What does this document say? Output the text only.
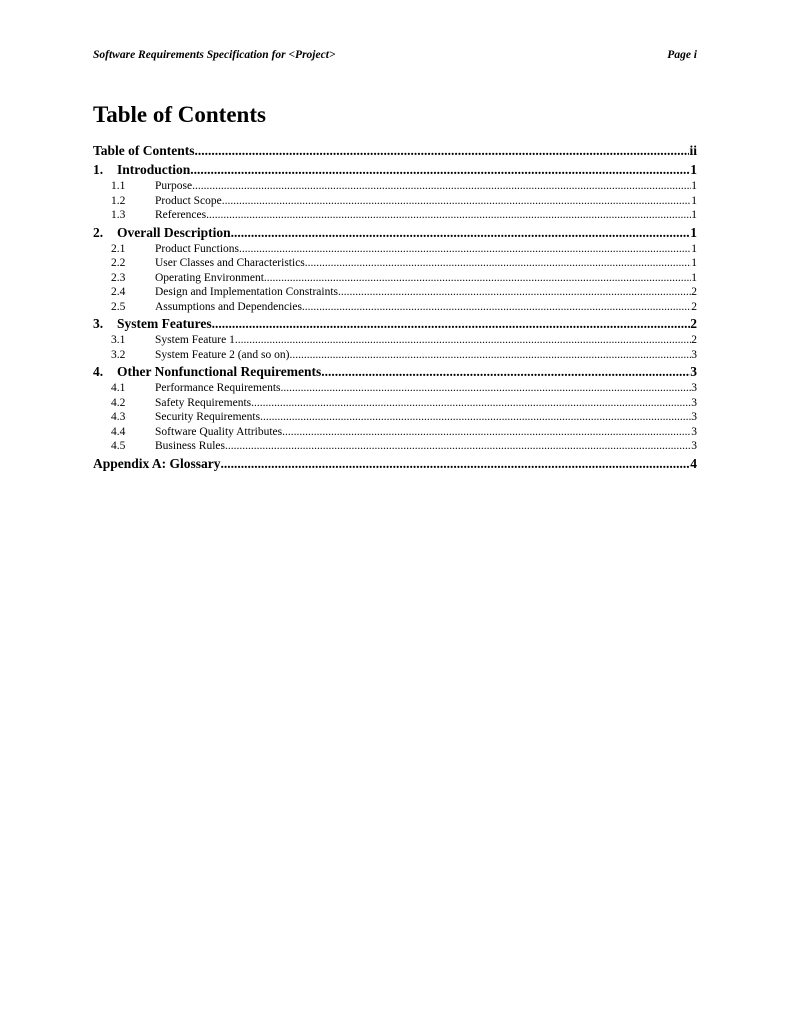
Software Requirements Specification for <Project>	Page i
Table of Contents
Table of Contents .....	ii
1.	Introduction .....	1
1.1	Purpose .....	1
1.2	Product Scope .....	1
1.3	References .....	1
2.	Overall Description .....	1
2.1	Product Functions .....	1
2.2	User Classes and Characteristics .....	1
2.3	Operating Environment .....	1
2.4	Design and Implementation Constraints .....	2
2.5	Assumptions and Dependencies .....	2
3.	System Features .....	2
3.1	System Feature 1 .....	2
3.2	System Feature 2 (and so on) .....	3
4.	Other Nonfunctional Requirements .....	3
4.1	Performance Requirements .....	3
4.2	Safety Requirements .....	3
4.3	Security Requirements .....	3
4.4	Software Quality Attributes .....	3
4.5	Business Rules .....	3
Appendix A: Glossary .....	4
